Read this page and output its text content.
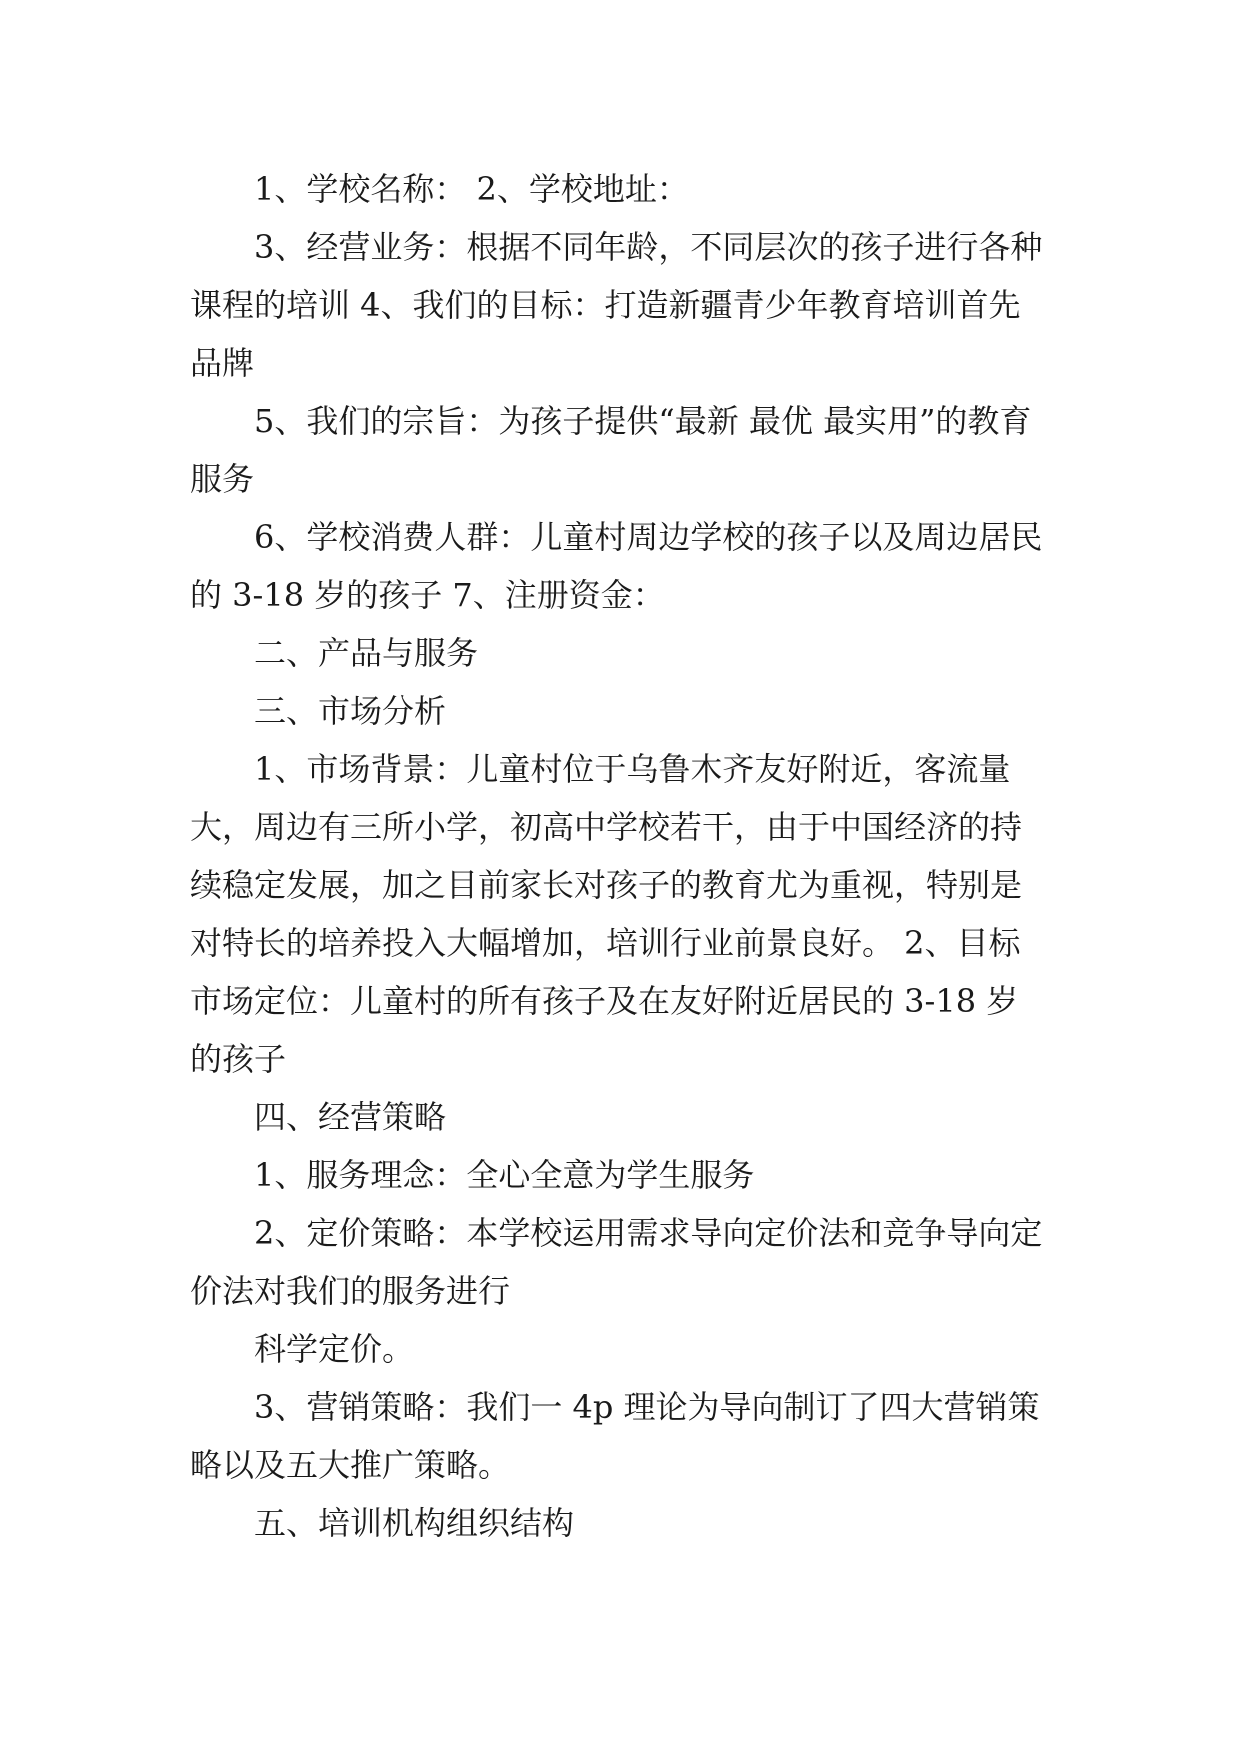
1、学校名称： 2、学校地址：

3、经营业务：根据不同年龄，不同层次的孩子进行各种课程的培训 4、我们的目标：打造新疆青少年教育培训首先品牌

5、我们的宗旨：为孩子提供“最新 最优 最实用”的教育服务

6、学校消费人群：儿童村周边学校的孩子以及周边居民的 3-18 岁的孩子 7、注册资金：

二、产品与服务

三、市场分析

1、市场背景：儿童村位于乌鲁木齐友好附近，客流量大，周边有三所小学，初高中学校若干，由于中国经济的持续稳定发展，加之目前家长对孩子的教育尤为重视，特别是对特长的培养投入大幅增加，培训行业前景良好。 2、目标市场定位：儿童村的所有孩子及在友好附近居民的 3-18 岁的孩子

四、经营策略

1、服务理念：全心全意为学生服务

2、定价策略：本学校运用需求导向定价法和竞争导向定价法对我们的服务进行

科学定价。

3、营销策略：我们一 4p 理论为导向制订了四大营销策略以及五大推广策略。

五、培训机构组织结构
